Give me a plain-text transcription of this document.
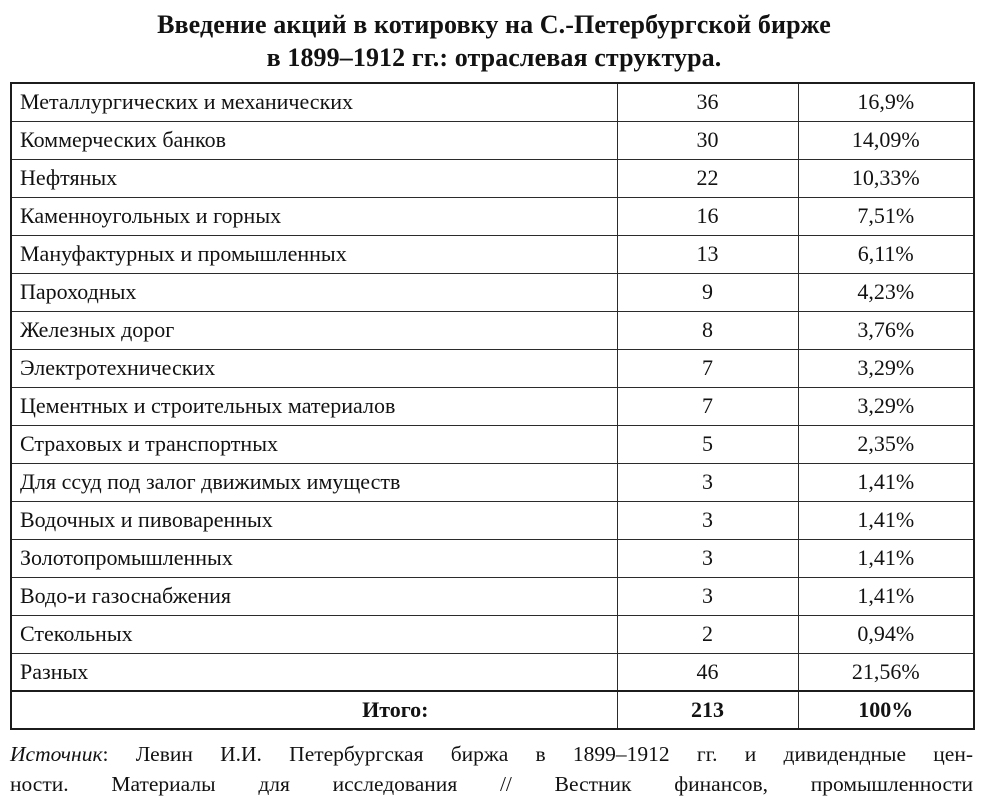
Введение акций в котировку на С.-Петербургской бирже
в 1899–1912 гг.: отраслевая структура.
Металлургических и механических	36	16,9%
Коммерческих банков	30	14,09%
Нефтяных	22	10,33%
Каменноугольных и горных	16	7,51%
Мануфактурных и промышленных	13	6,11%
Пароходных	9	4,23%
Железных дорог	8	3,76%
Электротехнических	7	3,29%
Цементных и строительных материалов	7	3,29%
Страховых и транспортных	5	2,35%
Для ссуд под залог движимых имуществ	3	1,41%
Водочных и пивоваренных	3	1,41%
Золотопромышленных	3	1,41%
Водо-и газоснабжения	3	1,41%
Стекольных	2	0,94%
Разных	46	21,56%
Итого:	213	100%
Источник: Левин И.И. Петербургская биржа в 1899–1912 гг. и дивидендные цен-
ности. Материалы для исследования // Вестник финансов, промышленности
